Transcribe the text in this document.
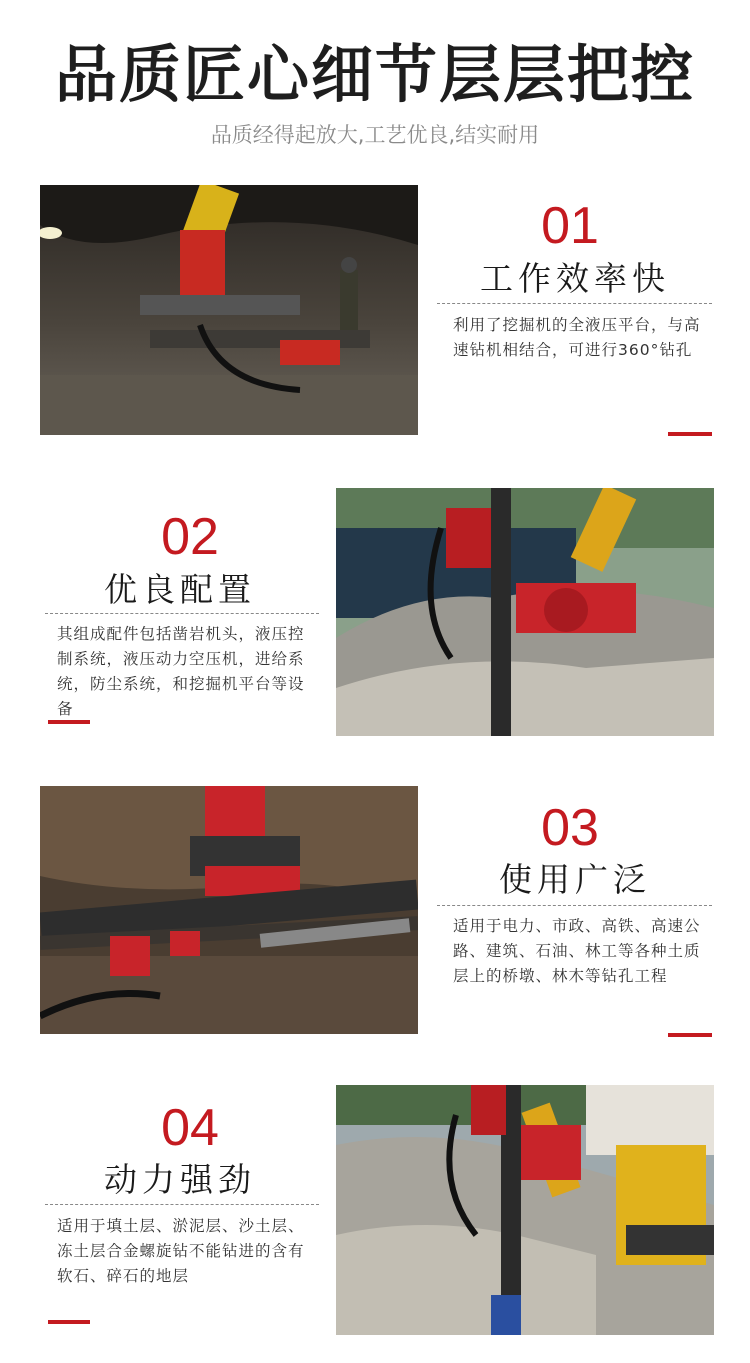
品质匠心细节层层把控
品质经得起放大,工艺优良,结实耐用
01
工作效率快
利用了挖掘机的全液压平台，与高速钻机相结合，可进行360°钻孔
02
优良配置
其组成配件包括凿岩机头，液压控制系统，液压动力空压机，进给系统，防尘系统，和挖掘机平台等设备
03
使用广泛
适用于电力、市政、高铁、高速公路、建筑、石油、林工等各种土质层上的桥墩、林木等钻孔工程
04
动力强劲
适用于填土层、淤泥层、沙土层、冻土层合金螺旋钻不能钻进的含有软石、碎石的地层
